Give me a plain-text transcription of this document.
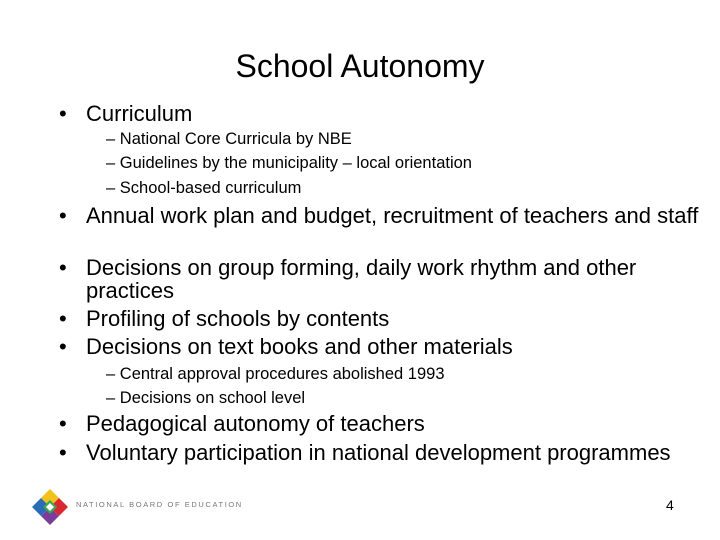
School Autonomy
• Curriculum
– National Core Curricula by NBE
– Guidelines by the municipality – local orientation
– School-based curriculum
• Annual work plan and budget, recruitment of teachers and staff
• Decisions on group forming, daily work rhythm and other practices
• Profiling of schools by contents
• Decisions on text books and other materials
– Central approval procedures abolished 1993
– Decisions on school level
• Pedagogical autonomy of teachers
• Voluntary participation in national development programmes
NATIONAL BOARD OF EDUCATION	4
